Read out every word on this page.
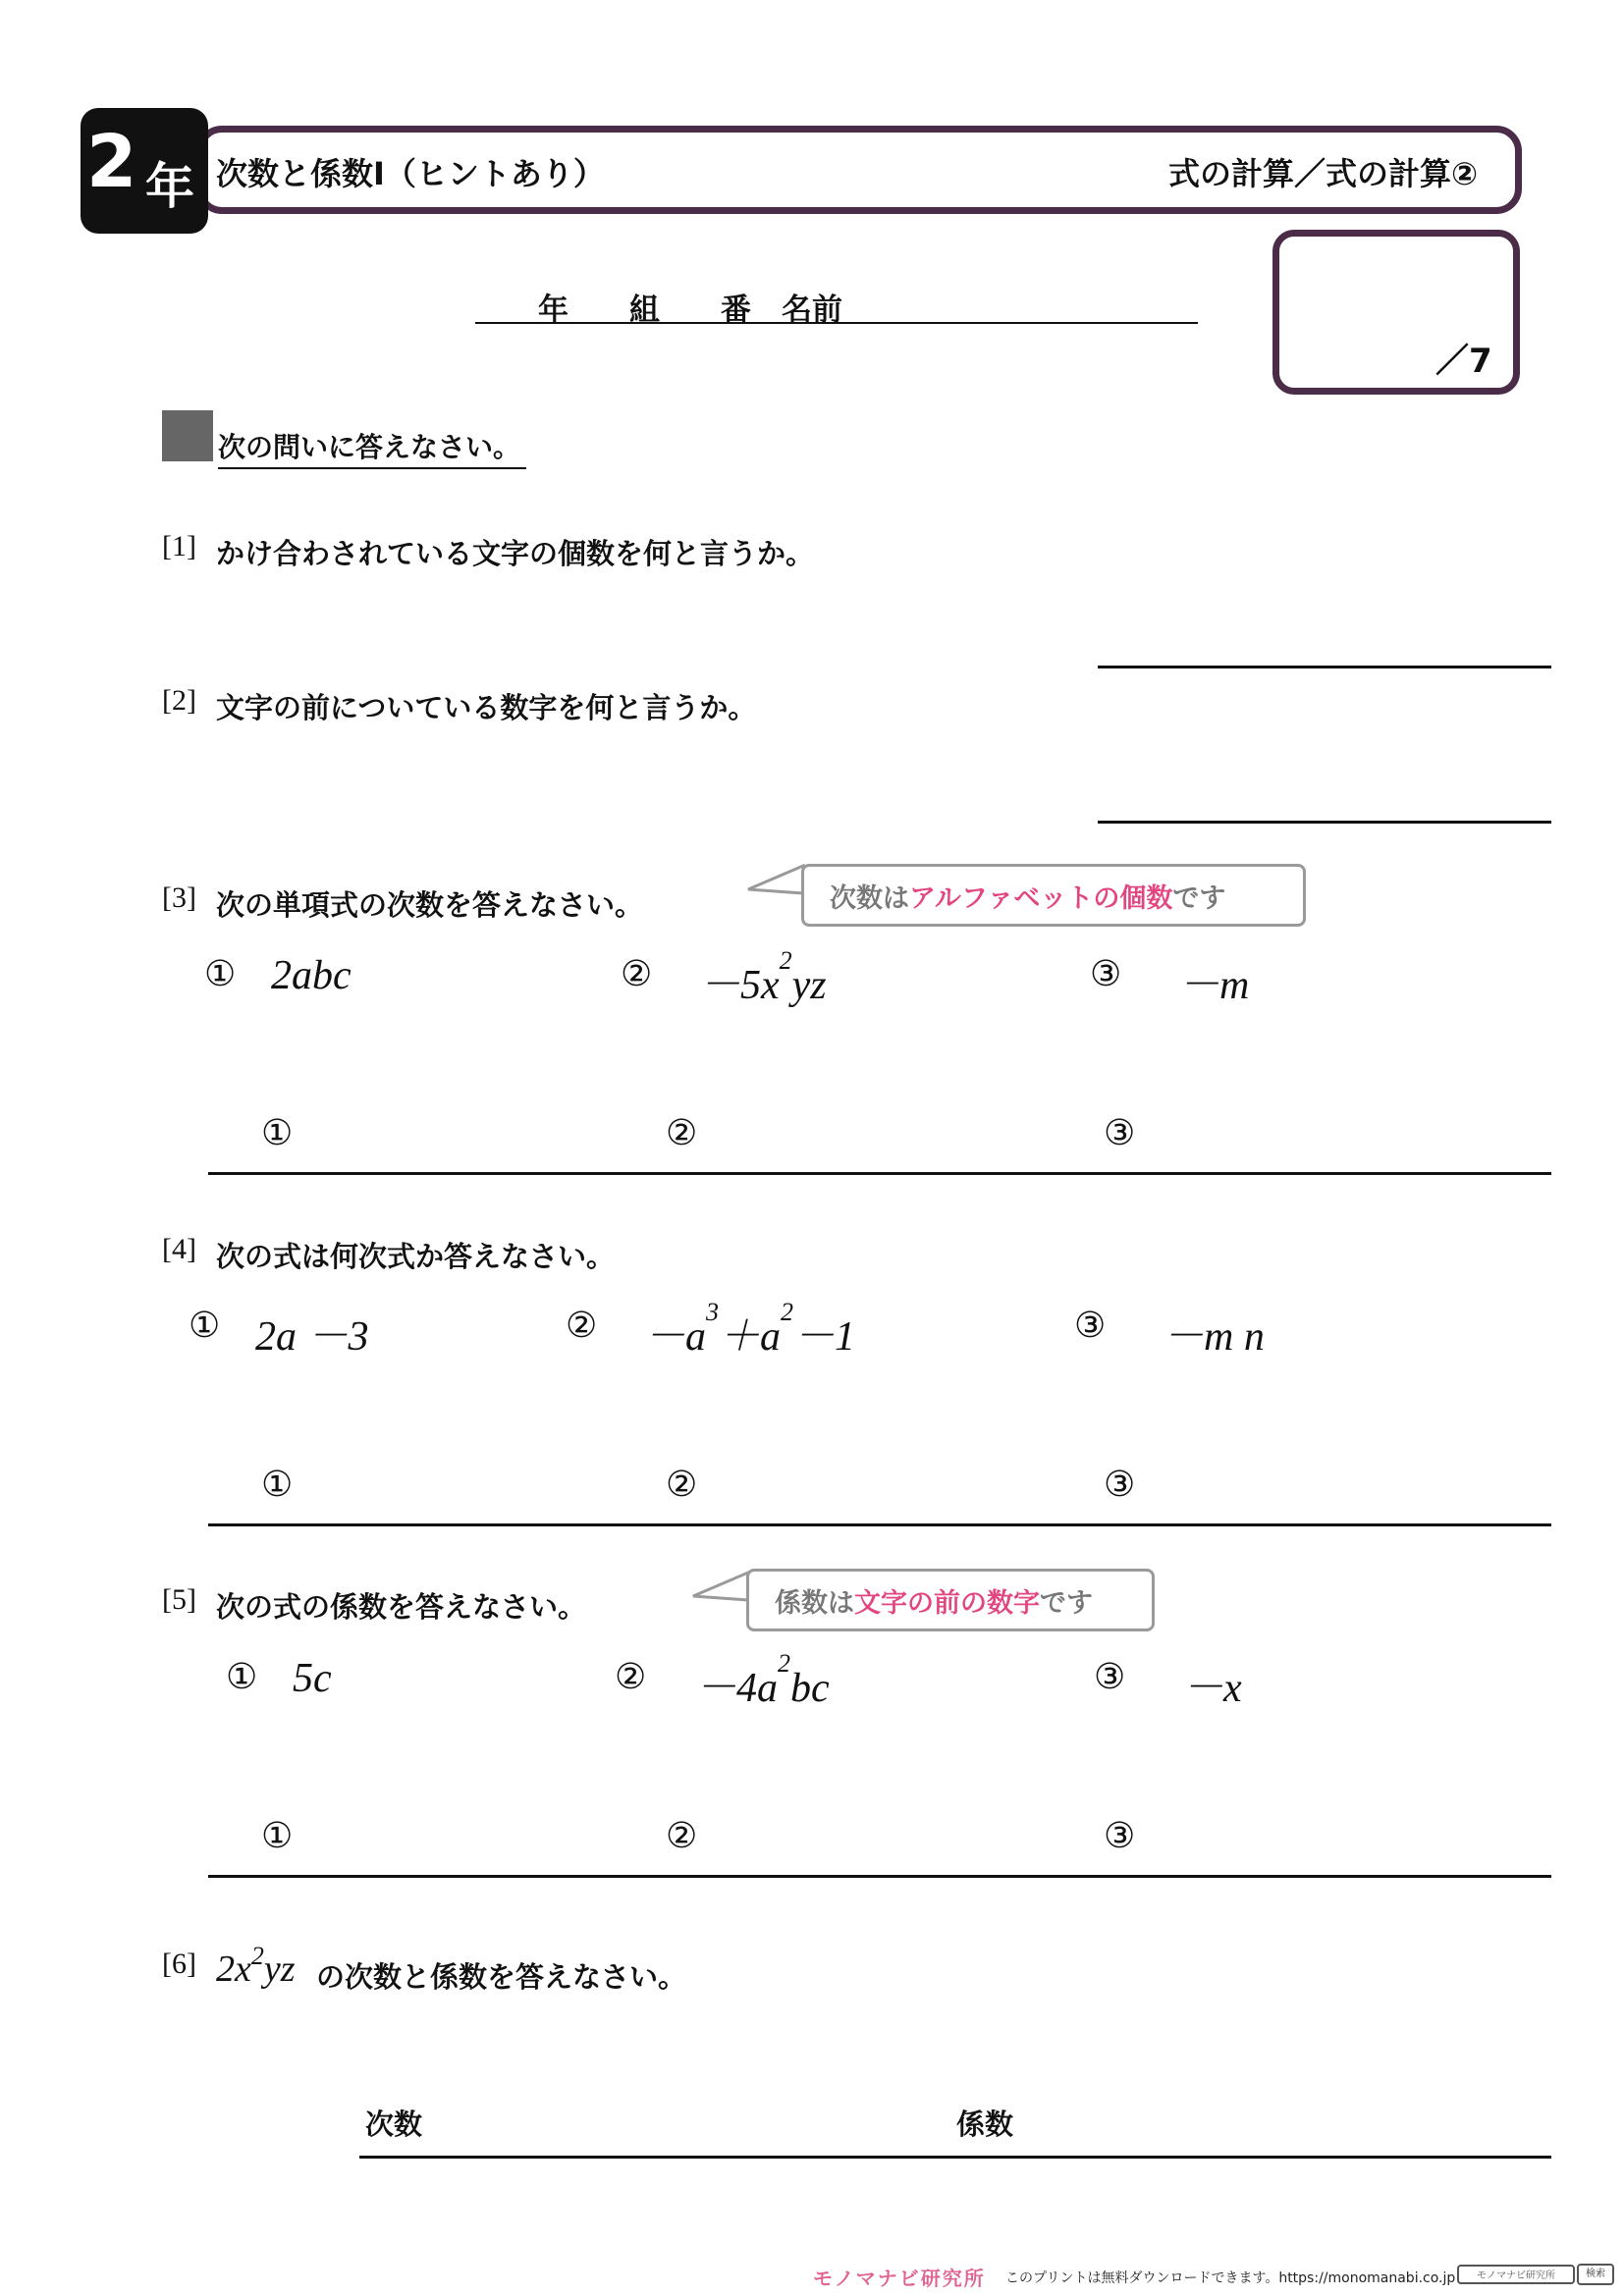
2 年 次数と係数Ⅰ（ヒントあり）	式の計算／式の計算②
年　　組　　番　名前
／7
次の問いに答えなさい。
[1] かけ合わされている文字の個数を何と言うか。
[2] 文字の前についている数字を何と言うか。
[3] 次の単項式の次数を答えなさい。	次数はアルファベットの個数です
① 2abc	② $-5x^2yz$	③ －m
①	②	③
[4] 次の式は何次式か答えなさい。
① 2a －3	② $-a^3+a^2-1$	③ －m n
①	②	③
[5] 次の式の係数を答えなさい。	係数は文字の前の数字です
① 5c	② $-4a^2bc$	③ －x
①	②	③
[6] $2x^2yz$ の次数と係数を答えなさい。
次数	係数
モノマナビ研究所 このプリントは無料ダウンロードできます。https://monomanabi.co.jp	モノマナビ研究所	検索
